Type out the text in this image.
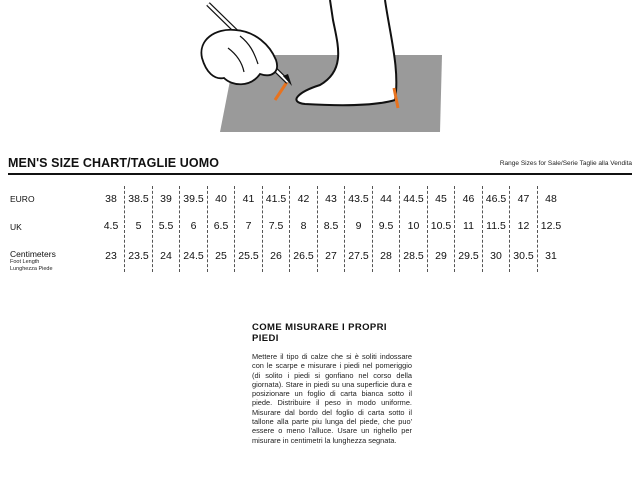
MEN'S SIZE CHART/TAGLIE UOMO	Range Sizes for Sale/Serie Taglie alla Vendita
EURO
UK
Centimeters
Foot Length
Lunghezza Piede
38
4.5
23
38.5
5
23.5
39
5.5
24
39.5
6
24.5
40
6.5
25
41
7
25.5
41.5
7.5
26
42
8
26.5
43
8.5
27
43.5
9
27.5
44
9.5
28
44.5
10
28.5
45
10.5
29
46
11
29.5
46.5
11.5
30
47
12
30.5
48
12.5
31
COME MISURARE I PROPRI PIEDI
Mettere il tipo di calze che si è soliti indossare con le scarpe e misurare i piedi nel pomeriggio (di solito i piedi si gonfiano nel corso della giornata). Stare in piedi su una superficie dura e posizionare un foglio di carta bianca sotto il piede. Distribuire il peso in modo uniforme. Misurare dal bordo del foglio di carta sotto il tallone alla parte piu lunga del piede, che puo' essere o meno l'alluce. Usare un righello per misurare in centimetri la lunghezza segnata.
